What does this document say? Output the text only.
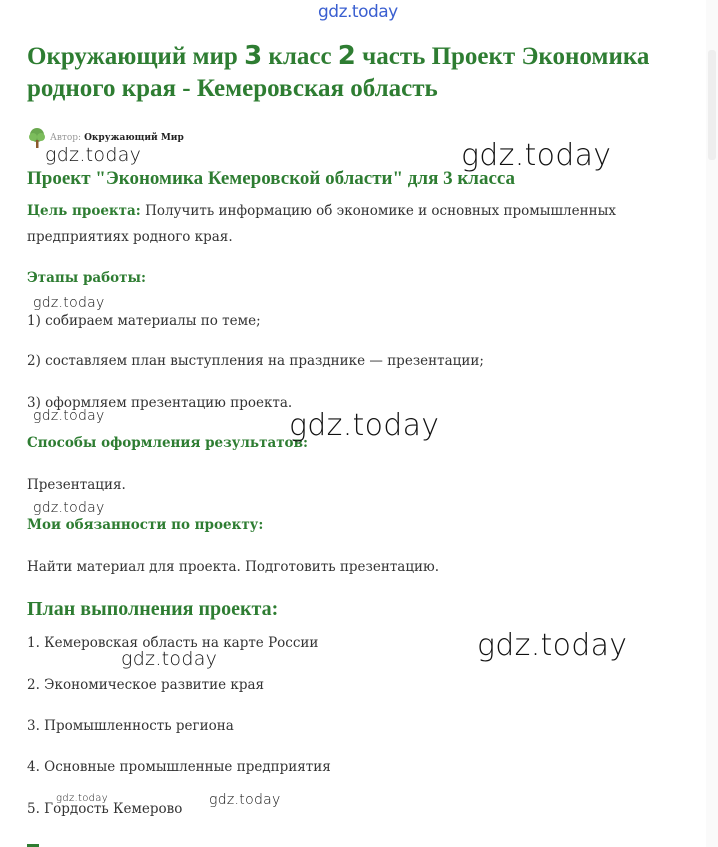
gdz.today
Окружающий мир 3 класс 2 часть Проект Экономика родного края - Кемеровская область
Автор: Окружающий Мир
Проект "Экономика Кемеровской области" для 3 класса

Цель проекта: Получить информацию об экономике и основных промышленных предприятиях родного края.

Этапы работы:

1) собираем материалы по теме;

2) составляем план выступления на празднике — презентации;

3) оформляем презентацию проекта.

Способы оформления результатов:

Презентация.

Мои обязанности по проекту:

Найти материал для проекта. Подготовить презентацию.

План выполнения проекта:

1. Кемеровская область на карте России

2. Экономическое развитие края

3. Промышленность региона

4. Основные промышленные предприятия

5. Гордость Кемерово

gdz.today	gdz.today
gdz.today
gdz.today	gdz.today
gdz.today
gdz.today
gdz.today
gdz.today	gdz.today
